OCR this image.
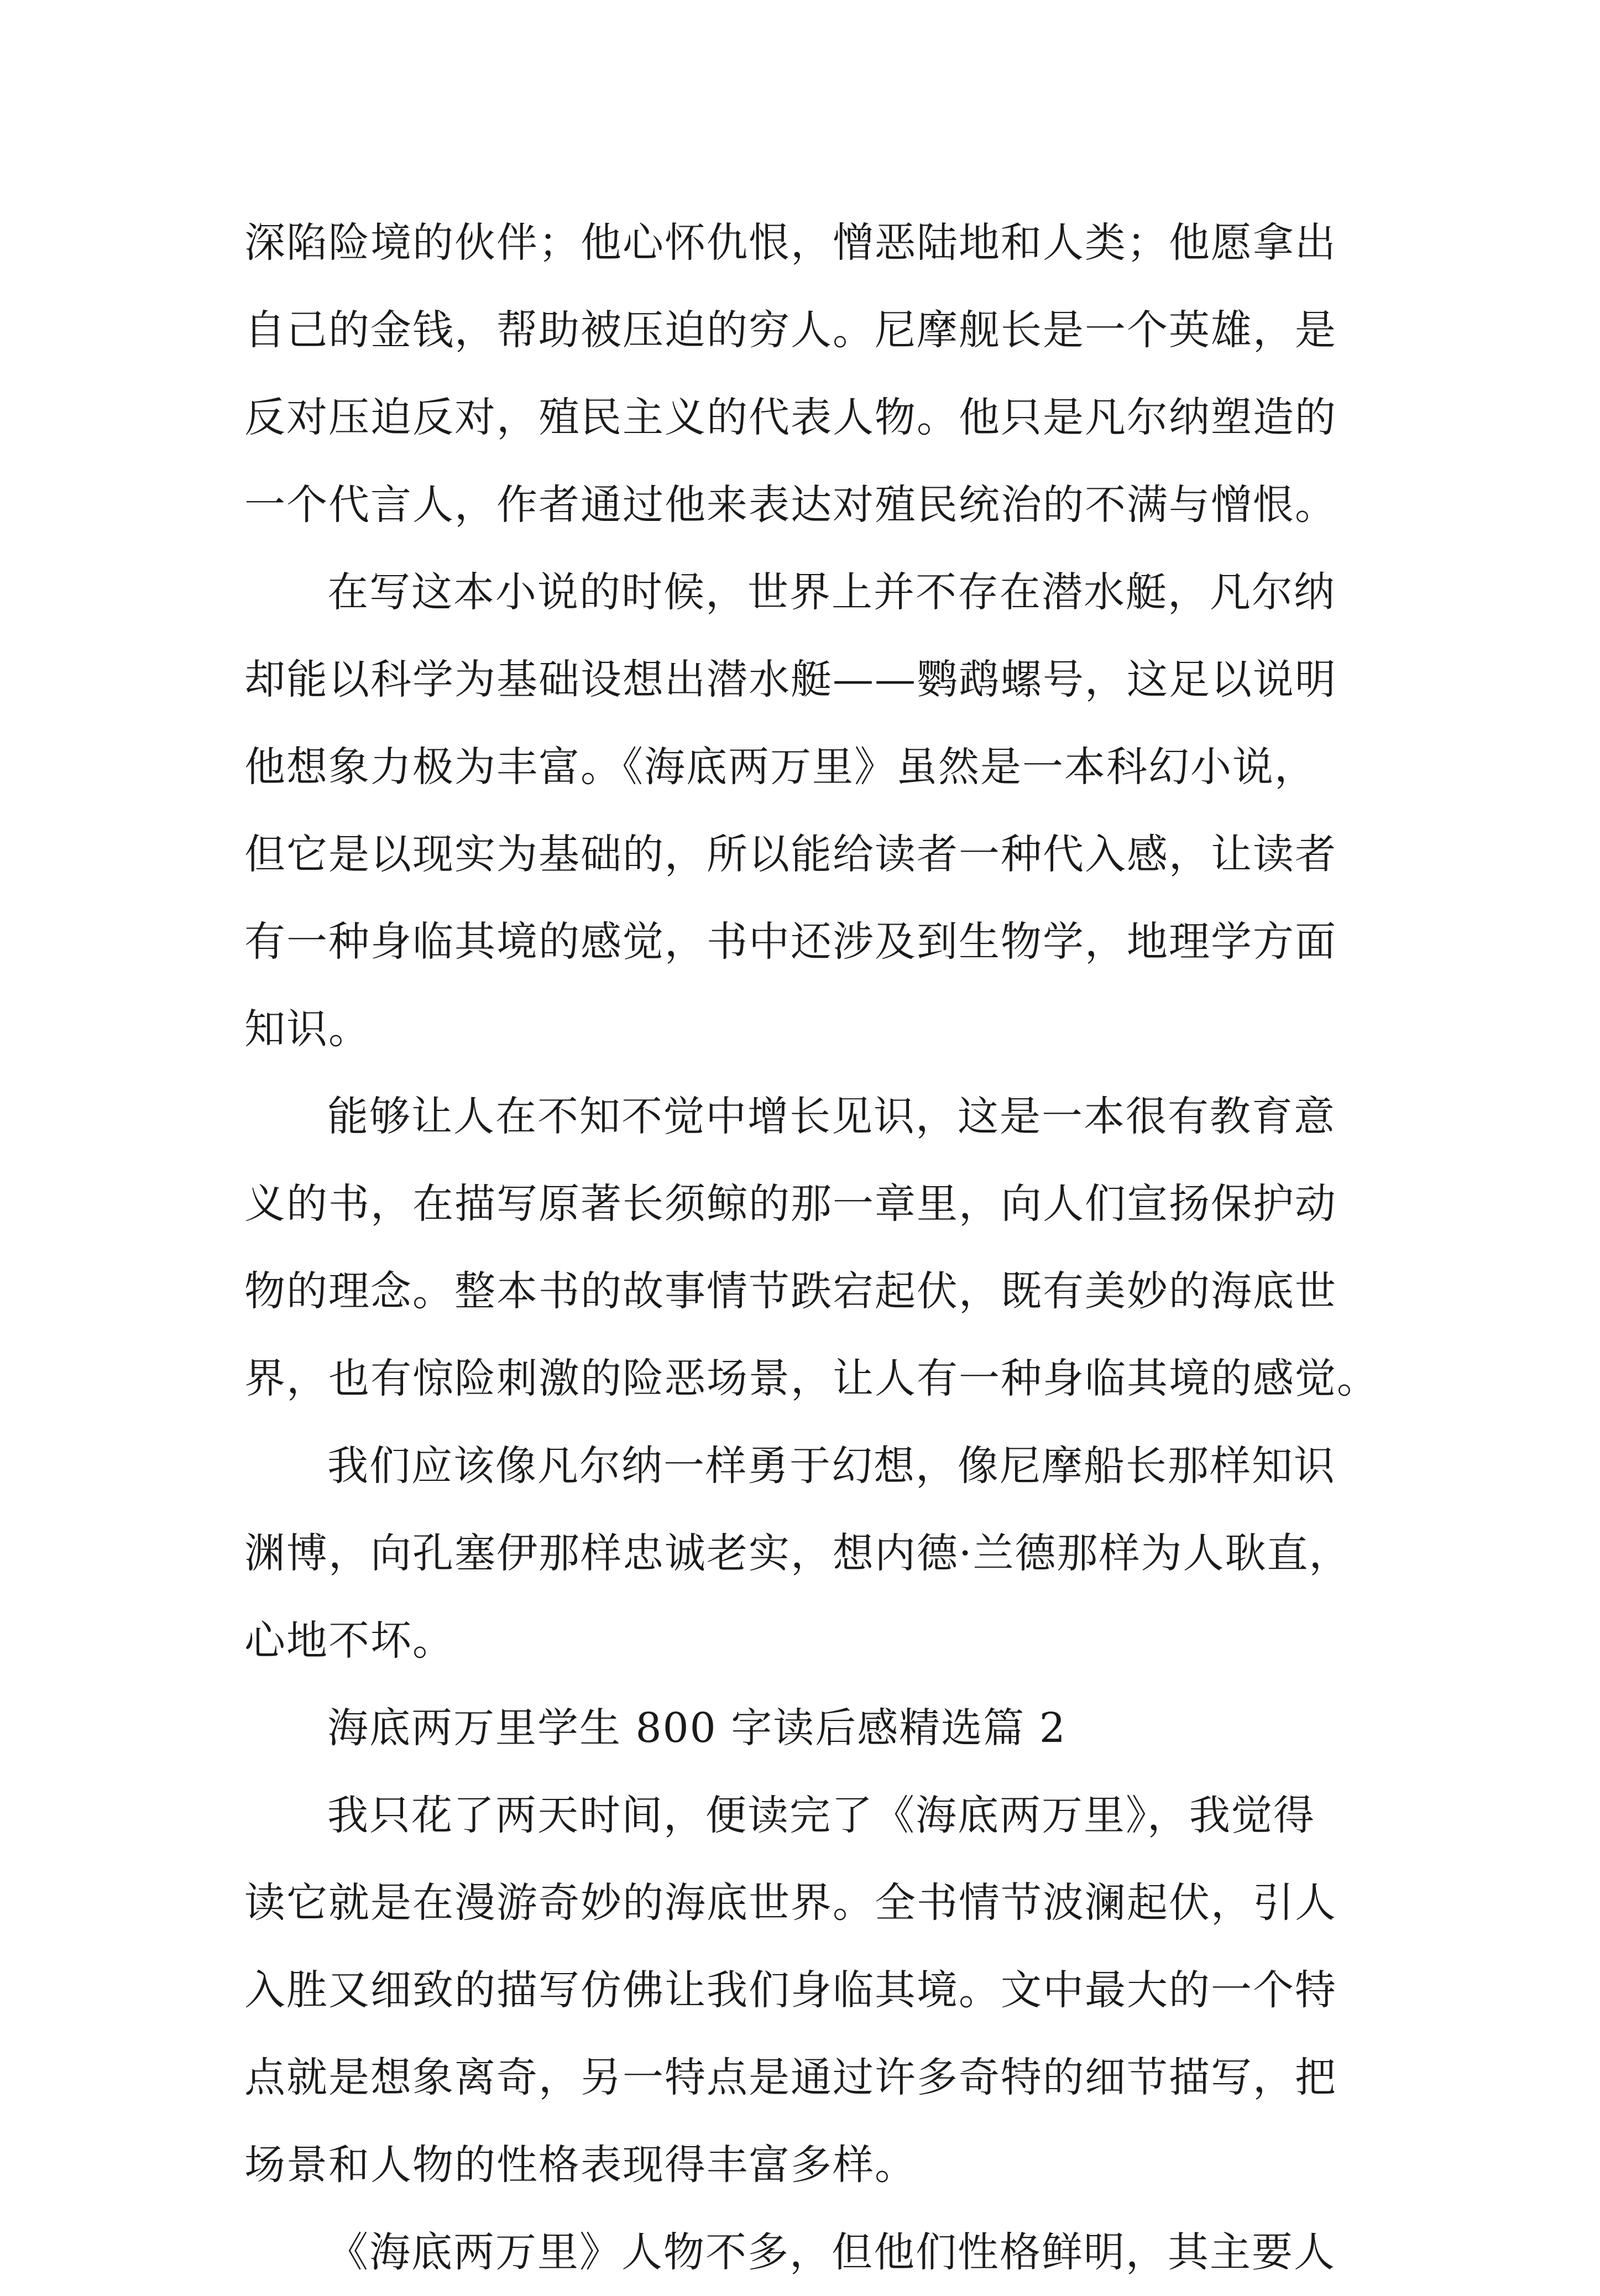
深陷险境的伙伴；他心怀仇恨，憎恶陆地和人类；他愿拿出
自己的金钱，帮助被压迫的穷人。尼摩舰长是一个英雄，是
反对压迫反对，殖民主义的代表人物。他只是凡尔纳塑造的
一个代言人，作者通过他来表达对殖民统治的不满与憎恨。
在写这本小说的时候，世界上并不存在潜水艇，凡尔纳
却能以科学为基础设想出潜水艇——鹦鹉螺号，这足以说明
他想象力极为丰富。《海底两万里》虽然是一本科幻小说，
但它是以现实为基础的，所以能给读者一种代入感，让读者
有一种身临其境的感觉，书中还涉及到生物学，地理学方面
知识。
能够让人在不知不觉中增长见识，这是一本很有教育意
义的书，在描写原著长须鲸的那一章里，向人们宣扬保护动
物的理念。整本书的故事情节跌宕起伏，既有美妙的海底世
界，也有惊险刺激的险恶场景，让人有一种身临其境的感觉。
我们应该像凡尔纳一样勇于幻想，像尼摩船长那样知识
渊博，向孔塞伊那样忠诚老实，想内德·兰德那样为人耿直，
心地不坏。
海底两万里学生 800 字读后感精选篇 2
我只花了两天时间，便读完了《海底两万里》，我觉得
读它就是在漫游奇妙的海底世界。全书情节波澜起伏，引人
入胜又细致的描写仿佛让我们身临其境。文中最大的一个特
点就是想象离奇，另一特点是通过许多奇特的细节描写，把
场景和人物的性格表现得丰富多样。
《海底两万里》人物不多，但他们性格鲜明，其主要人
